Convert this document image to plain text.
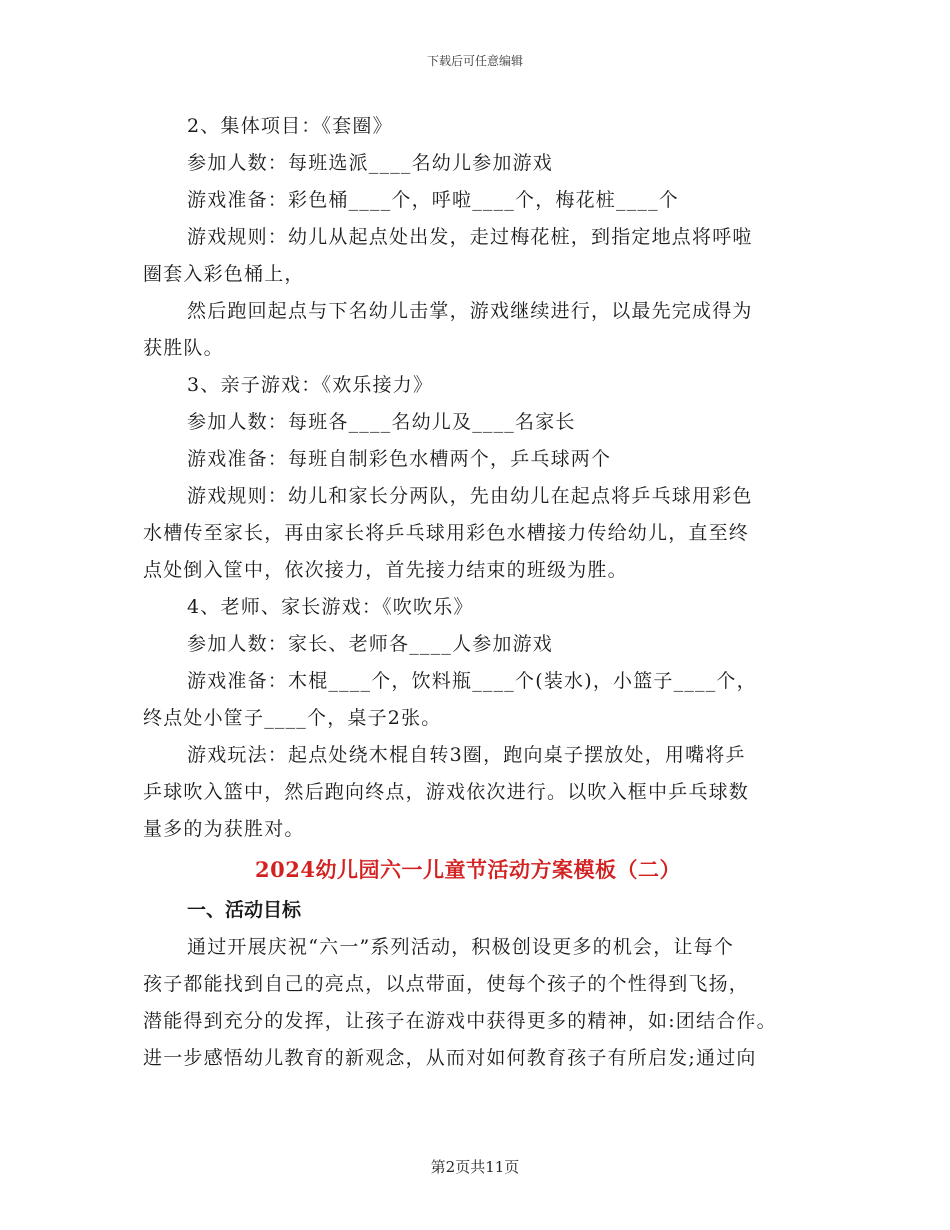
下载后可任意编辑
2、集体项目：《套圈》
参加人数：每班选派____名幼儿参加游戏
游戏准备：彩色桶____个，呼啦____个，梅花桩____个
游戏规则：幼儿从起点处出发，走过梅花桩，到指定地点将呼啦
圈套入彩色桶上，
然后跑回起点与下名幼儿击掌，游戏继续进行，以最先完成得为
获胜队。
3、亲子游戏：《欢乐接力》
参加人数：每班各____名幼儿及____名家长
游戏准备：每班自制彩色水槽两个，乒乓球两个
游戏规则：幼儿和家长分两队，先由幼儿在起点将乒乓球用彩色
水槽传至家长，再由家长将乒乓球用彩色水槽接力传给幼儿，直至终
点处倒入筐中，依次接力，首先接力结束的班级为胜。
4、老师、家长游戏：《吹吹乐》
参加人数：家长、老师各____人参加游戏
游戏准备：木棍____个，饮料瓶____个(装水)，小篮子____个，
终点处小筐子____个，桌子2张。
游戏玩法：起点处绕木棍自转3圈，跑向桌子摆放处，用嘴将乒
乒球吹入篮中，然后跑向终点，游戏依次进行。以吹入框中乒乓球数
量多的为获胜对。
2024幼儿园六一儿童节活动方案模板（二）
一、活动目标
通过开展庆祝“六一”系列活动，积极创设更多的机会，让每个
孩子都能找到自己的亮点，以点带面，使每个孩子的个性得到飞扬，
潜能得到充分的发挥，让孩子在游戏中获得更多的精神，如:团结合作。
进一步感悟幼儿教育的新观念，从而对如何教育孩子有所启发;通过向
第2页共11页
